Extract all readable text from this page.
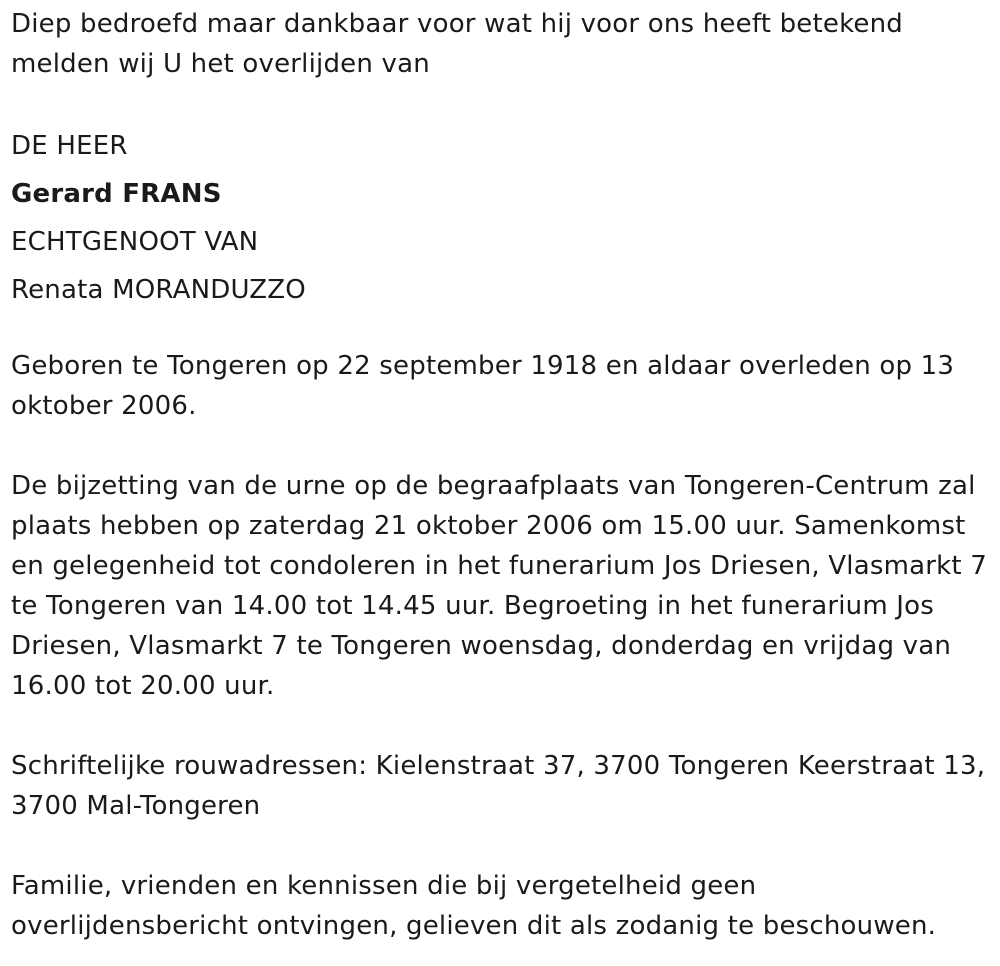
Diep bedroefd maar dankbaar voor wat hij voor ons heeft betekend melden wij U het overlijden van

DE HEER

Gerard FRANS

ECHTGENOOT VAN

Renata MORANDUZZO

Geboren te Tongeren op 22 september 1918 en aldaar overleden op 13 oktober 2006.

De bijzetting van de urne op de begraafplaats van Tongeren-Centrum zal plaats hebben op zaterdag 21 oktober 2006 om 15.00 uur. Samenkomst en gelegenheid tot condoleren in het funerarium Jos Driesen, Vlasmarkt 7 te Tongeren van 14.00 tot 14.45 uur. Begroeting in het funerarium Jos Driesen, Vlasmarkt 7 te Tongeren woensdag, donderdag en vrijdag van 16.00 tot 20.00 uur.

Schriftelijke rouwadressen: Kielenstraat 37, 3700 Tongeren Keerstraat 13, 3700 Mal-Tongeren

Familie, vrienden en kennissen die bij vergetelheid geen overlijdensbericht ontvingen, gelieven dit als zodanig te beschouwen.
